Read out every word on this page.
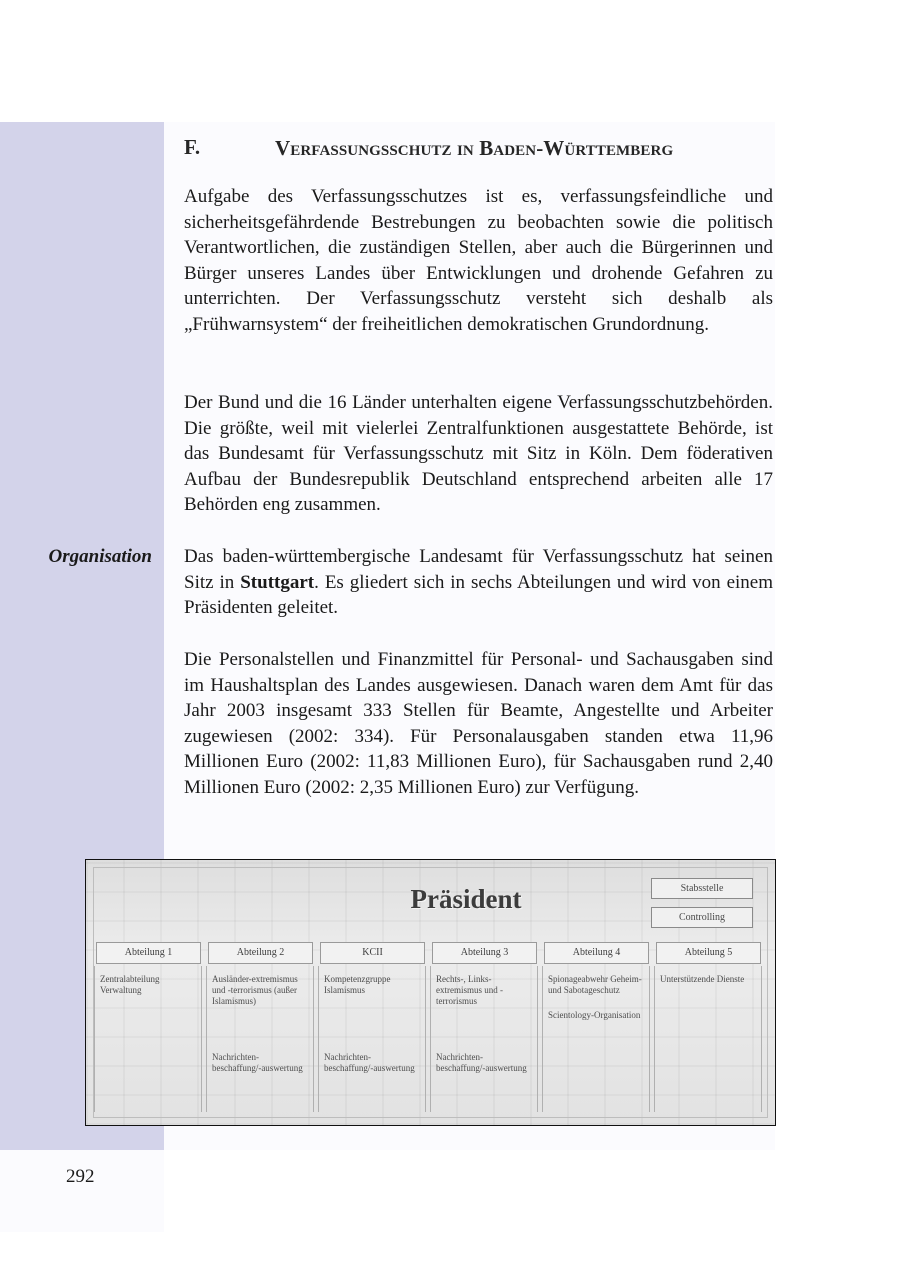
F.	Verfassungsschutz in Baden-Württemberg

Aufgabe des Verfassungsschutzes ist es, verfassungsfeindliche und sicherheitsgefährdende Bestrebungen zu beobachten sowie die politisch Verantwortlichen, die zuständigen Stellen, aber auch die Bürgerinnen und Bürger unseres Landes über Entwicklungen und drohende Gefahren zu unterrichten. Der Verfassungsschutz versteht sich deshalb als „Frühwarnsystem“ der freiheitlichen demokratischen Grundordnung.

Der Bund und die 16 Länder unterhalten eigene Verfassungsschutzbehörden. Die größte, weil mit vielerlei Zentralfunktionen ausgestattete Behörde, ist das Bundesamt für Verfassungsschutz mit Sitz in Köln. Dem föderativen Aufbau der Bundesrepublik Deutschland entsprechend arbeiten alle 17 Behörden eng zusammen.

Organisation Das baden-württembergische Landesamt für Verfassungsschutz hat seinen Sitz in Stuttgart. Es gliedert sich in sechs Abteilungen und wird von einem Präsidenten geleitet.

Die Personalstellen und Finanzmittel für Personal- und Sachausgaben sind im Haushaltsplan des Landes ausgewiesen. Danach waren dem Amt für das Jahr 2003 insgesamt 333 Stellen für Beamte, Angestellte und Arbeiter zugewiesen (2002: 334). Für Personalausgaben standen etwa 11,96 Millionen Euro (2002: 11,83 Millionen Euro), für Sachausgaben rund 2,40 Millionen Euro (2002: 2,35 Millionen Euro) zur Verfügung.

Präsident	Stabsstelle
Controlling
Abteilung 1	Abteilung 2	KCII	Abteilung 3	Abteilung 4	Abteilung 5
Zentralabteilung Verwaltung
Ausländer-extremismus und -terrorismus (außer Islamismus)
Nachrichten-beschaffung/-auswertung
Kompetenzgruppe Islamismus
Nachrichten-beschaffung/-auswertung
Rechts-, Links-extremismus und -terrorismus
Nachrichten-beschaffung/-auswertung
Spionageabwehr Geheim- und Sabotageschutz
Scientology-Organisation
Unterstützende Dienste
292
